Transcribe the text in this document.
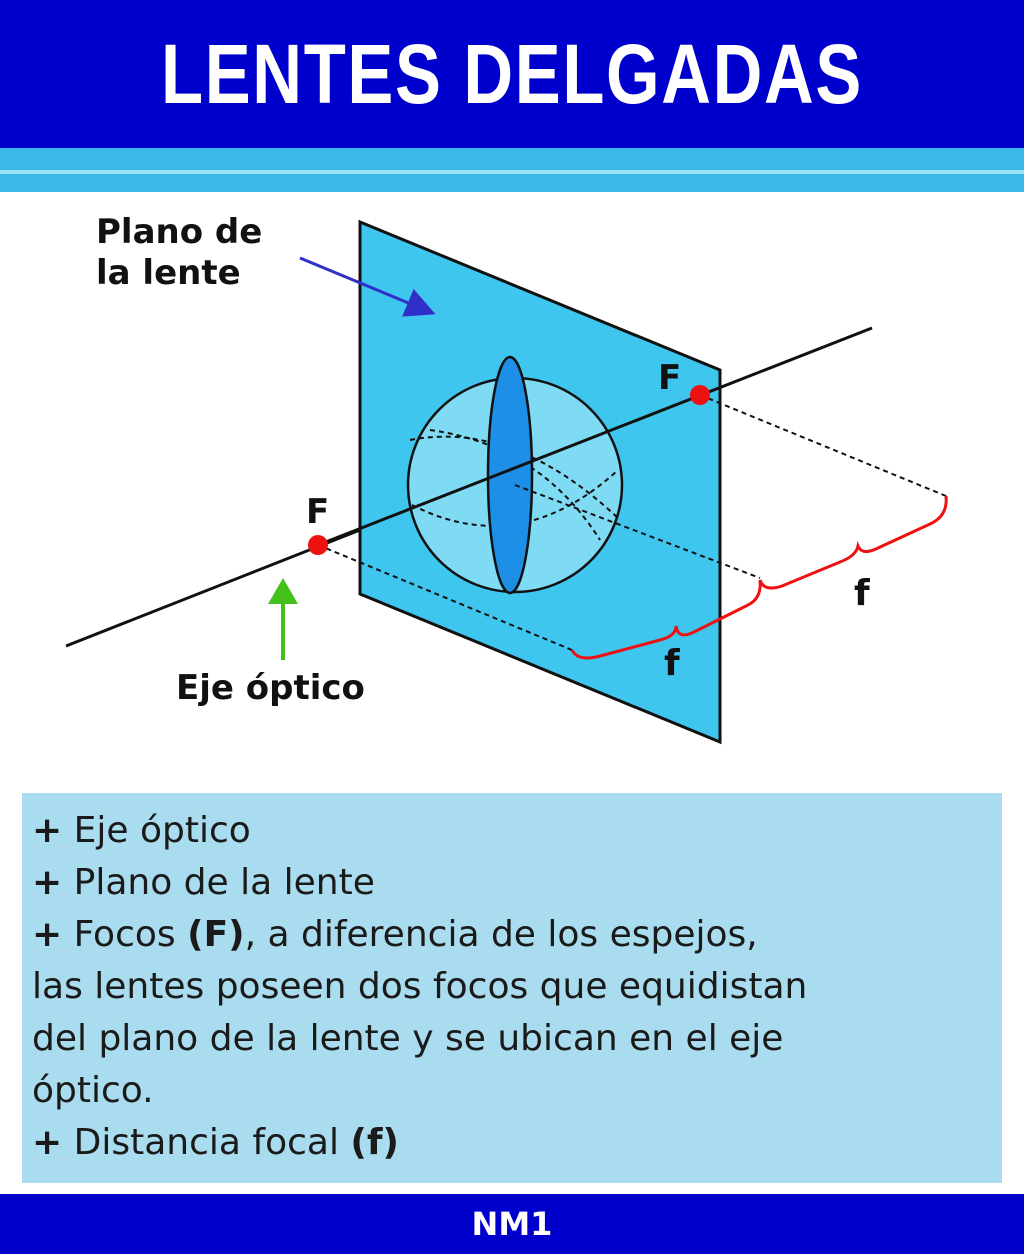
LENTES DELGADAS
Plano de
la lente
Eje óptico
F
F
f
f

+ Eje óptico

+ Plano de la lente

+ Focos (F), a diferencia de los espejos,

las lentes poseen dos focos que equidistan

del plano de la lente y se ubican en el eje

óptico.

+ Distancia focal (f)

NM1
